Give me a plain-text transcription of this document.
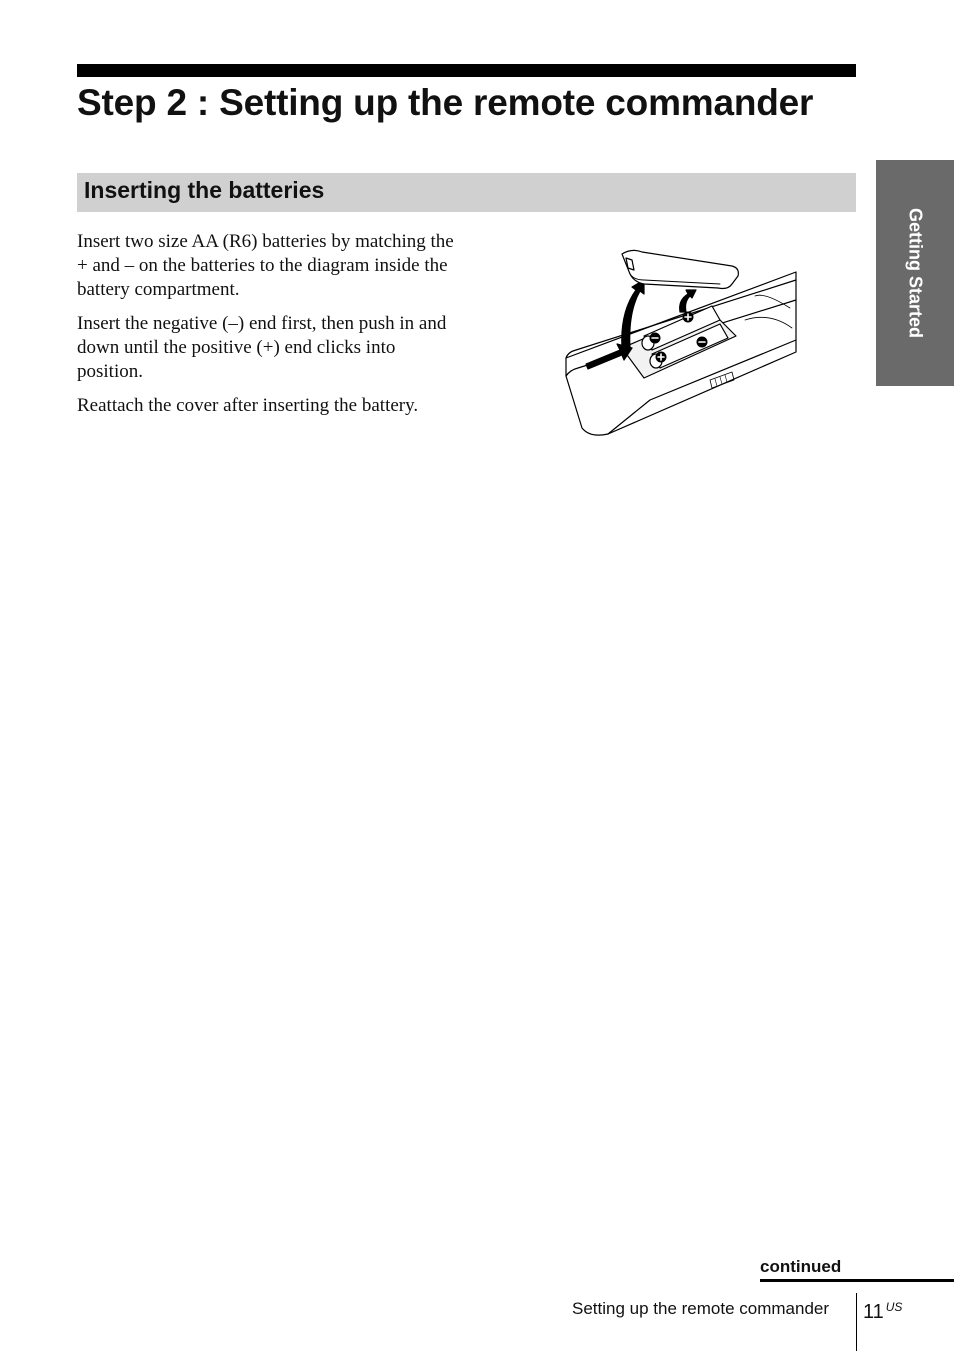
Step 2 : Setting up the remote commander
Inserting the batteries

Insert two size AA (R6) batteries by matching the + and – on the batteries to the diagram inside the battery compartment.

Insert the negative (–) end first, then push in and down until the positive (+) end clicks into position.

Reattach the cover after inserting the battery.

Getting Started
continued
Setting up the remote commander 11 $^{US}$
